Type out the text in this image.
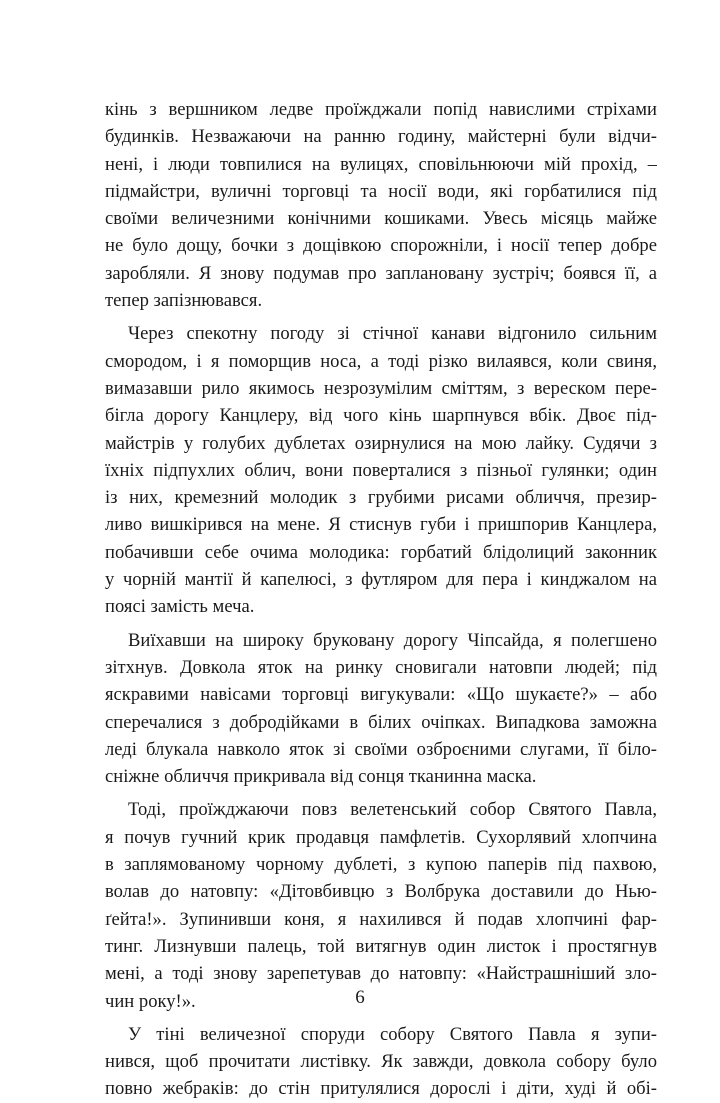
кінь з вершником ледве проїжджали попід навислими стріхами
будинків. Незважаючи на ранню годину, майстерні були відчи-
нені, і люди товпилися на вулицях, сповільнюючи мій прохід, –
підмайстри, вуличні торговці та носії води, які горбатилися під
своїми величезними конічними кошиками. Увесь місяць майже
не було дощу, бочки з дощівкою спорожніли, і носії тепер добре
заробляли. Я знову подумав про заплановану зустріч; боявся її, а
тепер запізнювався.
Через спекотну погоду зі стічної канави відгонило сильним
смородом, і я поморщив носа, а тоді різко вилаявся, коли свиня,
вимазавши рило якимось незрозумілим сміттям, з вереском пере-
бігла дорогу Канцлеру, від чого кінь шарпнувся вбік. Двоє під-
майстрів у голубих дублетах озирнулися на мою лайку. Судячи з
їхніх підпухлих облич, вони поверталися з пізньої гулянки; один
із них, кремезний молодик з грубими рисами обличчя, презир-
ливо вишкірився на мене. Я стиснув губи і пришпорив Канцлера,
побачивши себе очима молодика: горбатий блідолиций законник
у чорній мантії й капелюсі, з футляром для пера і кинджалом на
поясі замість меча.
Виїхавши на широку бруковану дорогу Чіпсайда, я полегшено
зітхнув. Довкола яток на ринку сновигали натовпи людей; під
яскравими навісами торговці вигукували: «Що шукаєте?» – або
сперечалися з добродійками в білих очіпках. Випадкова заможна
леді блукала навколо яток зі своїми озброєними слугами, її біло-
сніжне обличчя прикривала від сонця тканинна маска.
Тоді, проїжджаючи повз велетенський собор Святого Павла,
я почув гучний крик продавця памфлетів. Сухорлявий хлопчина
в заплямованому чорному дублеті, з купою паперів під пахвою,
волав до натовпу: «Дітовбивцю з Волбрука доставили до Нью-
ґейта!». Зупинивши коня, я нахилився й подав хлопчині фар-
тинг. Лизнувши палець, той витягнув один листок і простягнув
мені, а тоді знову зарепетував до натовпу: «Найстрашніший зло-
чин року!».
У тіні величезної споруди собору Святого Павла я зупи-
нився, щоб прочитати листівку. Як завжди, довкола собору було
повно жебраків: до стін притулялися дорослі і діти, худі й обі-
6
